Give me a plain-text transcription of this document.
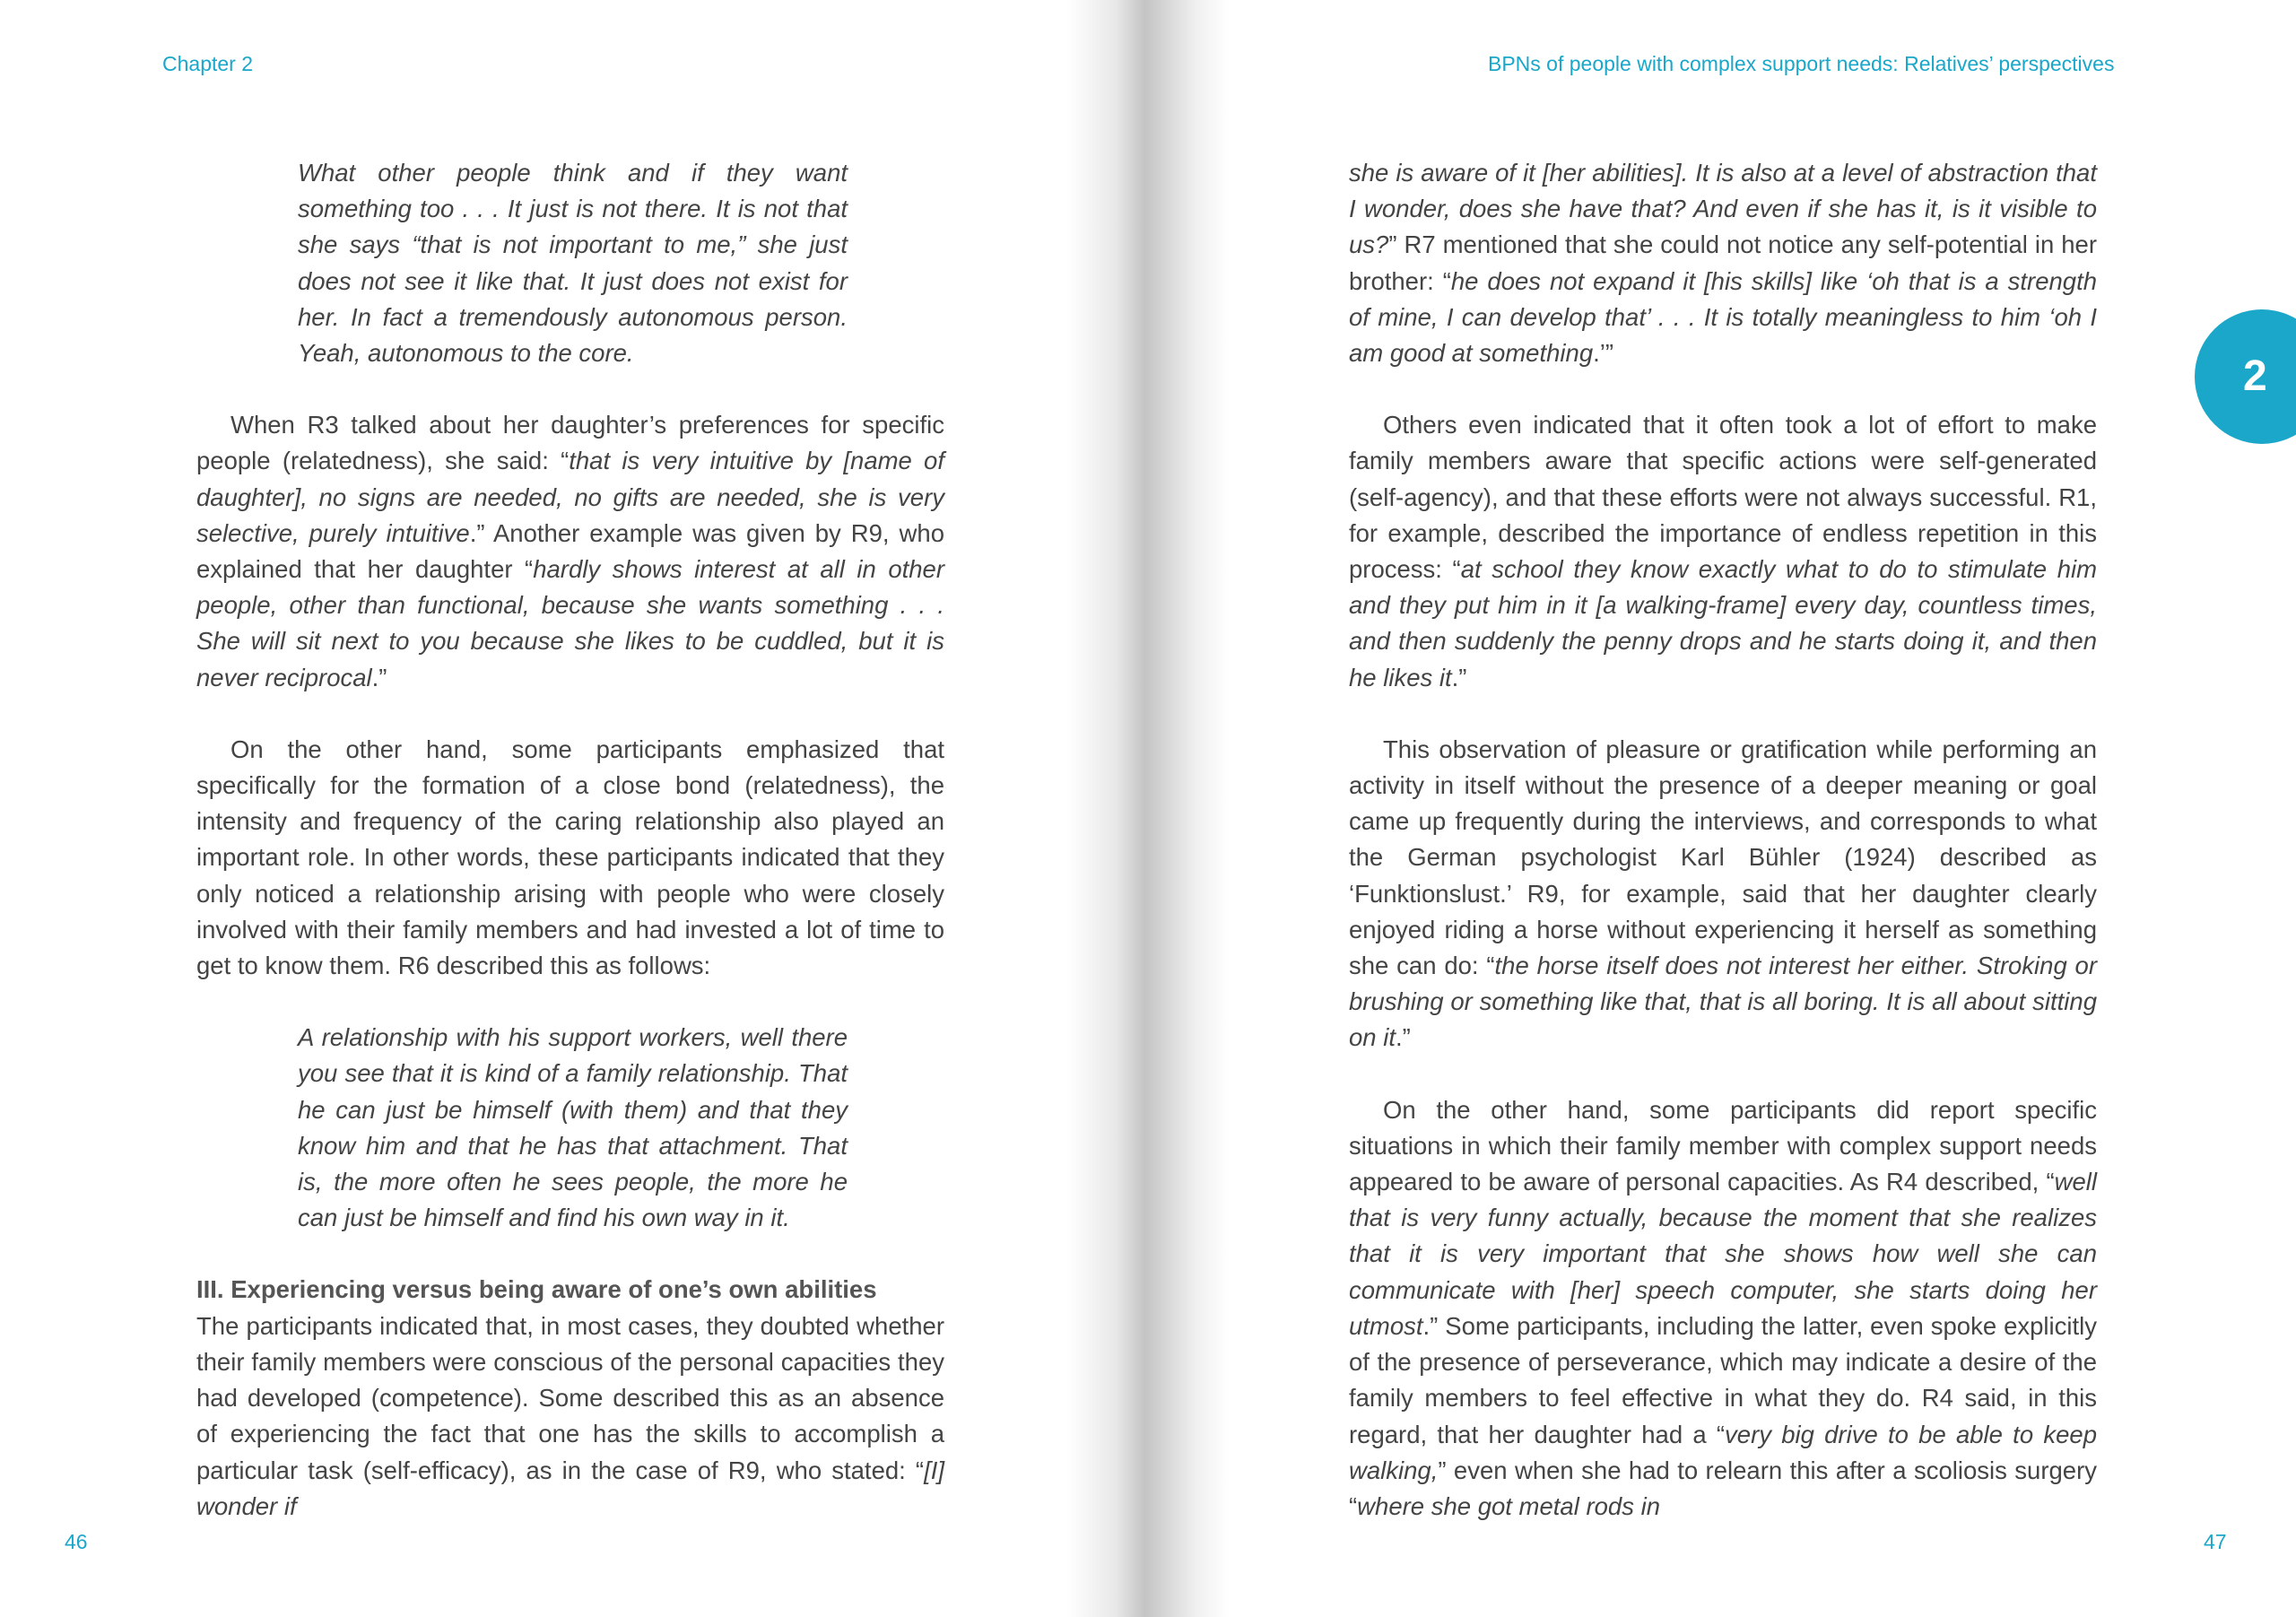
Chapter 2

What other people think and if they want something too . . . It just is not there. It is not that she says “that is not important to me,” she just does not see it like that. It just does not exist for her. In fact a tremendously autonomous person. Yeah, autonomous to the core.

When R3 talked about her daughter’s preferences for specific people (relatedness), she said: “that is very intuitive by [name of daughter], no signs are needed, no gifts are needed, she is very selective, purely intuitive.” Another example was given by R9, who explained that her daughter “hardly shows interest at all in other people, other than functional, because she wants something . . . She will sit next to you because she likes to be cuddled, but it is never reciprocal.”

On the other hand, some participants emphasized that specifically for the formation of a close bond (relatedness), the intensity and frequency of the caring relationship also played an important role. In other words, these participants indicated that they only noticed a relationship arising with people who were closely involved with their family members and had invested a lot of time to get to know them. R6 described this as follows:

A relationship with his support workers, well there you see that it is kind of a family relationship. That he can just be himself (with them) and that they know him and that he has that attachment. That is, the more often he sees people, the more he can just be himself and find his own way in it.

III. Experiencing versus being aware of one’s own abilities

The participants indicated that, in most cases, they doubted whether their family members were conscious of the personal capacities they had developed (competence). Some described this as an absence of experiencing the fact that one has the skills to accomplish a particular task (self-efficacy), as in the case of R9, who stated: “[I] wonder if

46
BPNs of people with complex support needs: Relatives’ perspectives
2

she is aware of it [her abilities]. It is also at a level of abstraction that I wonder, does she have that? And even if she has it, is it visible to us?” R7 mentioned that she could not notice any self-potential in her brother: “he does not expand it [his skills] like ‘oh that is a strength of mine, I can develop that’ . . . It is totally meaningless to him ‘oh I am good at something.’”

Others even indicated that it often took a lot of effort to make family members aware that specific actions were self-generated (self-agency), and that these efforts were not always successful. R1, for example, described the importance of endless repetition in this process: “at school they know exactly what to do to stimulate him and they put him in it [a walking-frame] every day, countless times, and then suddenly the penny drops and he starts doing it, and then he likes it.”

This observation of pleasure or gratification while performing an activity in itself without the presence of a deeper meaning or goal came up frequently during the interviews, and corresponds to what the German psychologist Karl Bühler (1924) described as ‘Funktionslust.’ R9, for example, said that her daughter clearly enjoyed riding a horse without experiencing it herself as something she can do: “the horse itself does not interest her either. Stroking or brushing or something like that, that is all boring. It is all about sitting on it.”

On the other hand, some participants did report specific situations in which their family member with complex support needs appeared to be aware of personal capacities. As R4 described, “well that is very funny actually, because the moment that she realizes that it is very important that she shows how well she can communicate with [her] speech computer, she starts doing her utmost.” Some participants, including the latter, even spoke explicitly of the presence of perseverance, which may indicate a desire of the family members to feel effective in what they do. R4 said, in this regard, that her daughter had a “very big drive to be able to keep walking,” even when she had to relearn this after a scoliosis surgery “where she got metal rods in

47
